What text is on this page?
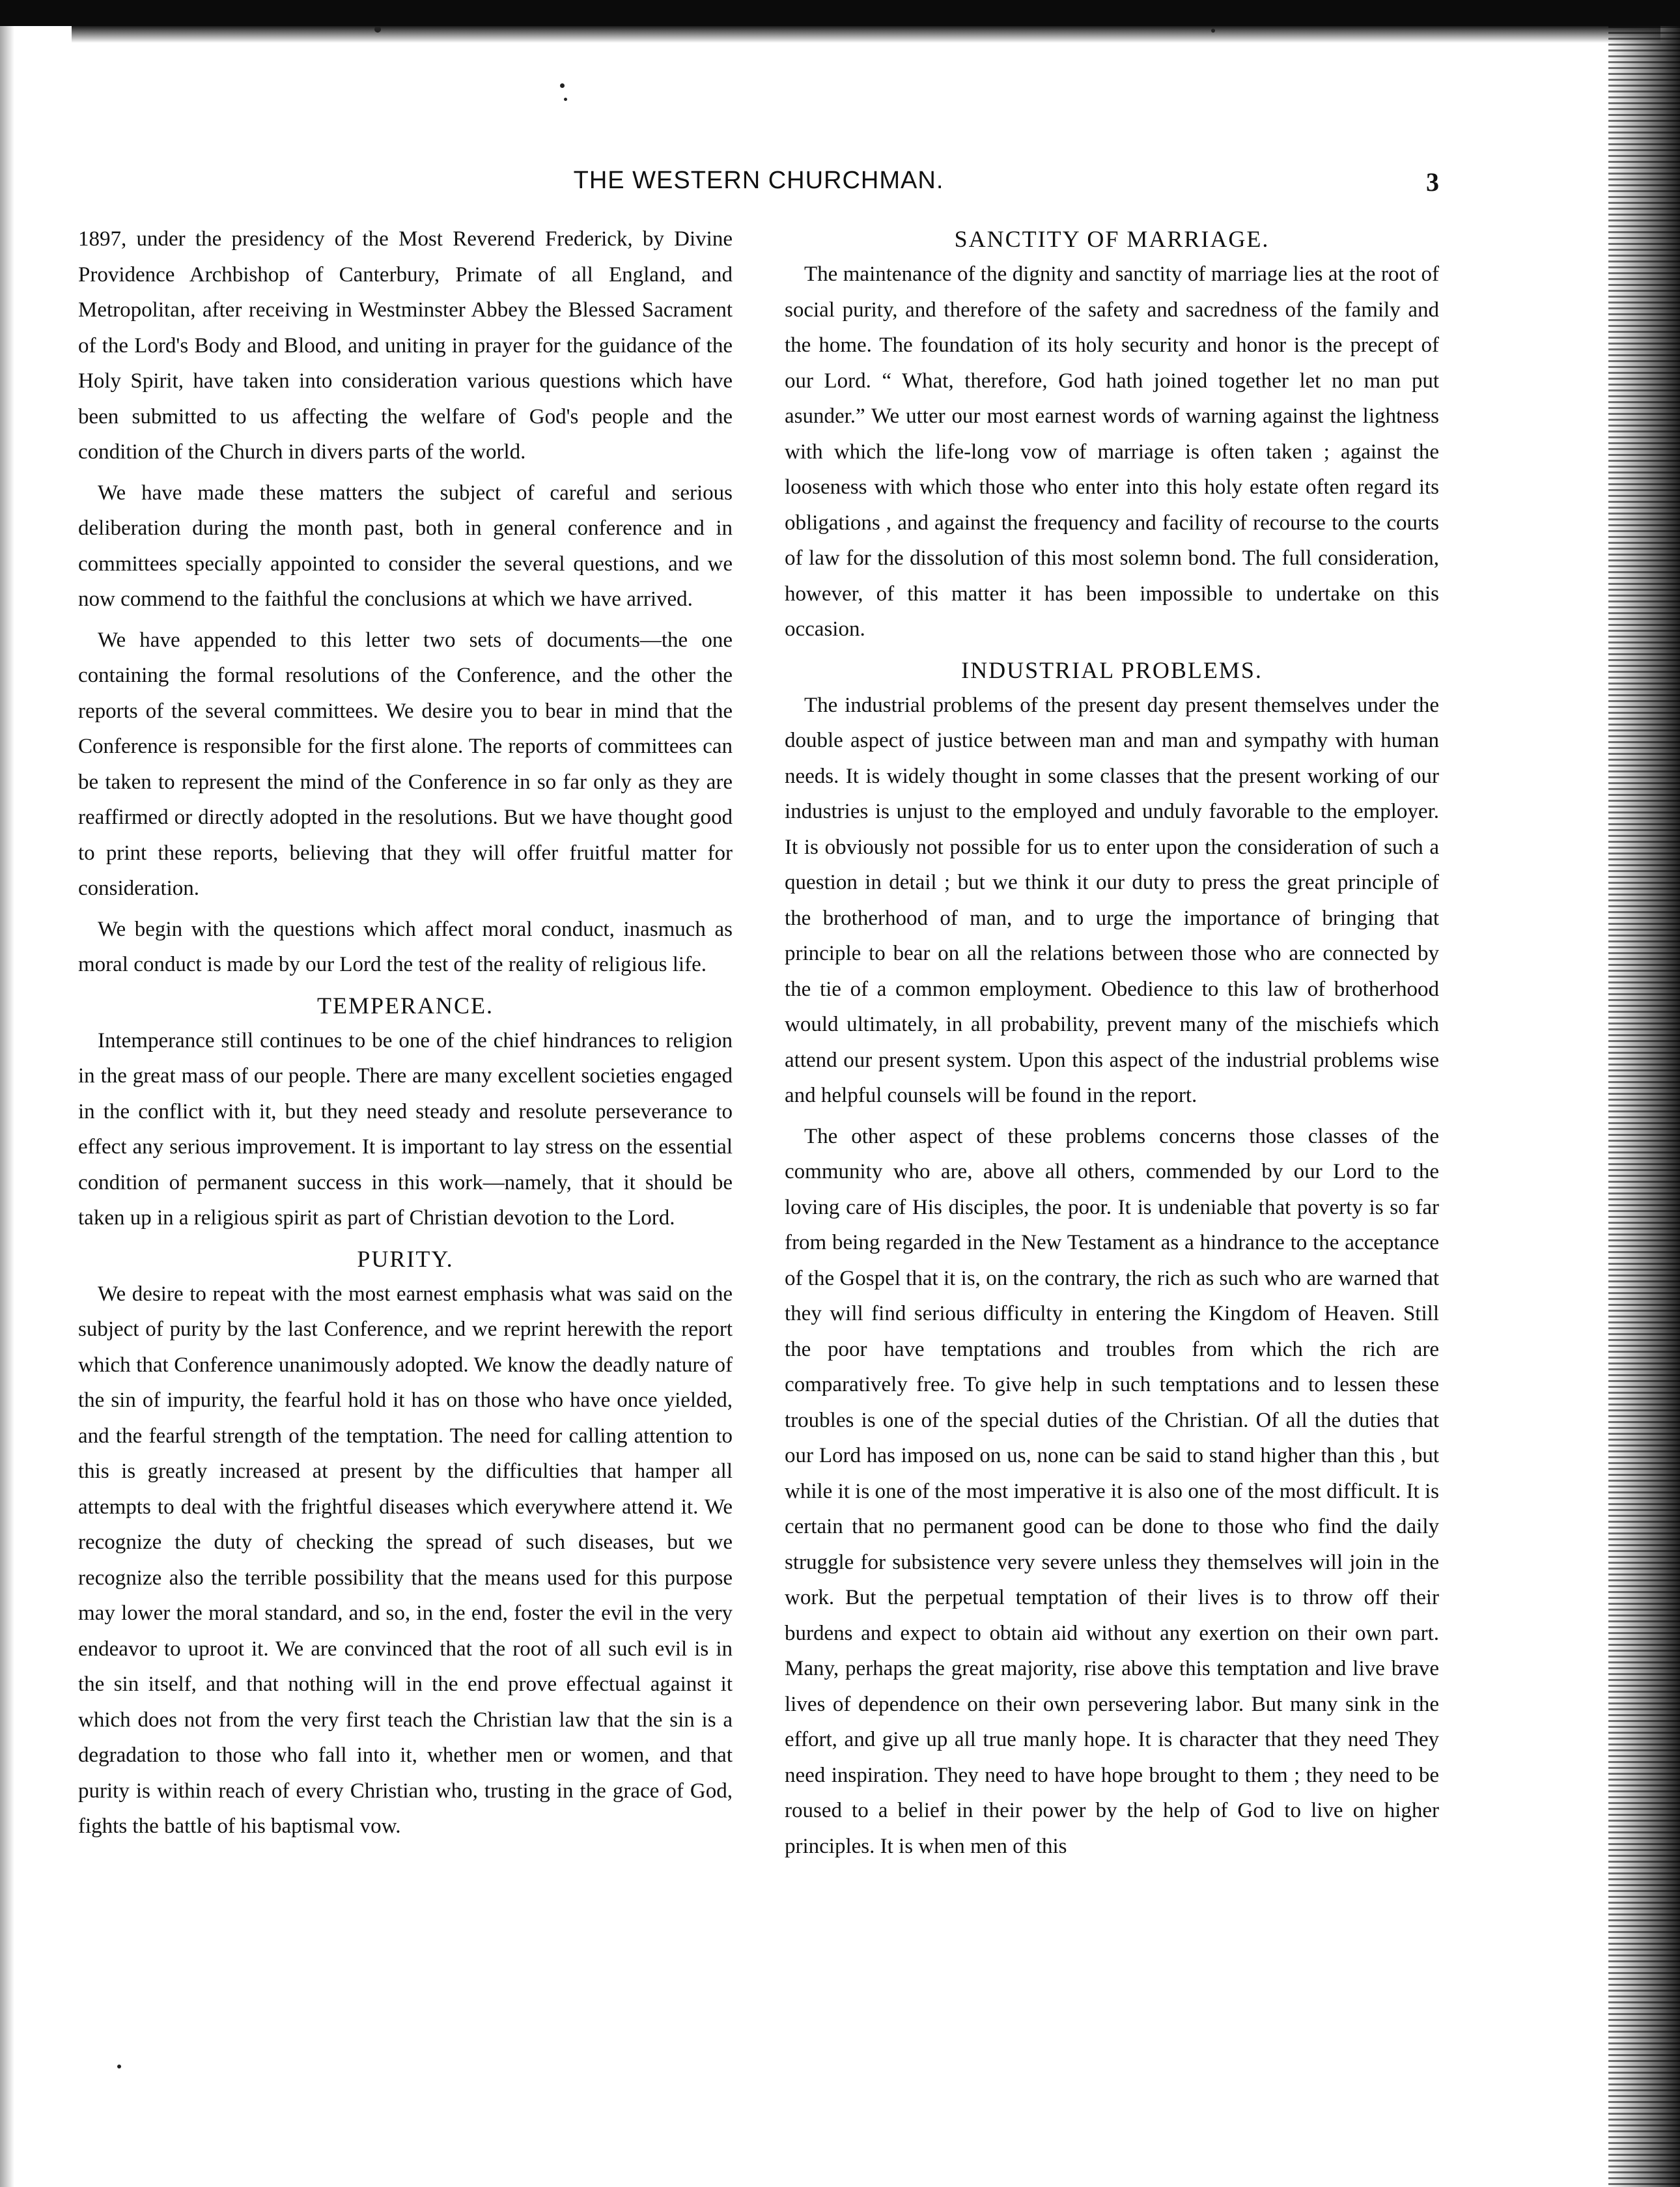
THE WESTERN CHURCHMAN.	3

1897, under the presidency of the Most Reverend Frederick, by Divine Providence Archbishop of Canterbury, Primate of all England, and Metropolitan, after receiving in Westminster Abbey the Blessed Sacrament of the Lord's Body and Blood, and uniting in prayer for the guidance of the Holy Spirit, have taken into consideration various questions which have been submitted to us affecting the welfare of God's people and the condition of the Church in divers parts of the world.

We have made these matters the subject of careful and serious deliberation during the month past, both in general conference and in committees specially appointed to consider the several questions, and we now commend to the faithful the conclusions at which we have arrived.

We have appended to this letter two sets of documents—the one containing the formal resolutions of the Conference, and the other the reports of the several committees. We desire you to bear in mind that the Conference is responsible for the first alone. The reports of committees can be taken to represent the mind of the Conference in so far only as they are reaffirmed or directly adopted in the resolutions. But we have thought good to print these reports, believing that they will offer fruitful matter for consideration.

We begin with the questions which affect moral conduct, inasmuch as moral conduct is made by our Lord the test of the reality of religious life.

TEMPERANCE.

Intemperance still continues to be one of the chief hindrances to religion in the great mass of our people. There are many excellent societies engaged in the conflict with it, but they need steady and resolute perseverance to effect any serious improvement. It is important to lay stress on the essential condition of permanent success in this work—namely, that it should be taken up in a religious spirit as part of Christian devotion to the Lord.

PURITY.

We desire to repeat with the most earnest emphasis what was said on the subject of purity by the last Conference, and we reprint herewith the report which that Conference unanimously adopted. We know the deadly nature of the sin of impurity, the fearful hold it has on those who have once yielded, and the fearful strength of the temptation. The need for calling attention to this is greatly increased at present by the difficulties that hamper all attempts to deal with the frightful diseases which everywhere attend it. We recognize the duty of checking the spread of such diseases, but we recognize also the terrible possibility that the means used for this purpose may lower the moral standard, and so, in the end, foster the evil in the very endeavor to uproot it. We are convinced that the root of all such evil is in the sin itself, and that nothing will in the end prove effectual against it which does not from the very first teach the Christian law that the sin is a degradation to those who fall into it, whether men or women, and that purity is within reach of every Christian who, trusting in the grace of God, fights the battle of his baptismal vow.

SANCTITY OF MARRIAGE.

The maintenance of the dignity and sanctity of marriage lies at the root of social purity, and therefore of the safety and sacredness of the family and the home. The foundation of its holy security and honor is the precept of our Lord. “ What, therefore, God hath joined together let no man put asunder.” We utter our most earnest words of warning against the lightness with which the life-long vow of marriage is often taken ; against the looseness with which those who enter into this holy estate often regard its obligations , and against the frequency and facility of recourse to the courts of law for the dissolution of this most solemn bond. The full consideration, however, of this matter it has been impossible to undertake on this occasion.

INDUSTRIAL PROBLEMS.

The industrial problems of the present day present themselves under the double aspect of justice between man and man and sympathy with human needs. It is widely thought in some classes that the present working of our industries is unjust to the employed and unduly favorable to the employer. It is obviously not possible for us to enter upon the consideration of such a question in detail ; but we think it our duty to press the great principle of the brotherhood of man, and to urge the importance of bringing that principle to bear on all the relations between those who are connected by the tie of a common employment. Obedience to this law of brotherhood would ultimately, in all probability, prevent many of the mischiefs which attend our present system. Upon this aspect of the industrial problems wise and helpful counsels will be found in the report.

The other aspect of these problems concerns those classes of the community who are, above all others, commended by our Lord to the loving care of His disciples, the poor. It is undeniable that poverty is so far from being regarded in the New Testament as a hindrance to the acceptance of the Gospel that it is, on the contrary, the rich as such who are warned that they will find serious difficulty in entering the Kingdom of Heaven. Still the poor have temptations and troubles from which the rich are comparatively free. To give help in such temptations and to lessen these troubles is one of the special duties of the Christian. Of all the duties that our Lord has imposed on us, none can be said to stand higher than this , but while it is one of the most imperative it is also one of the most difficult. It is certain that no permanent good can be done to those who find the daily struggle for subsistence very severe unless they themselves will join in the work. But the perpetual temptation of their lives is to throw off their burdens and expect to obtain aid without any exertion on their own part. Many, perhaps the great majority, rise above this temptation and live brave lives of dependence on their own persevering labor. But many sink in the effort, and give up all true manly hope. It is character that they need They need inspiration. They need to have hope brought to them ; they need to be roused to a belief in their power by the help of God to live on higher principles. It is when men of this
